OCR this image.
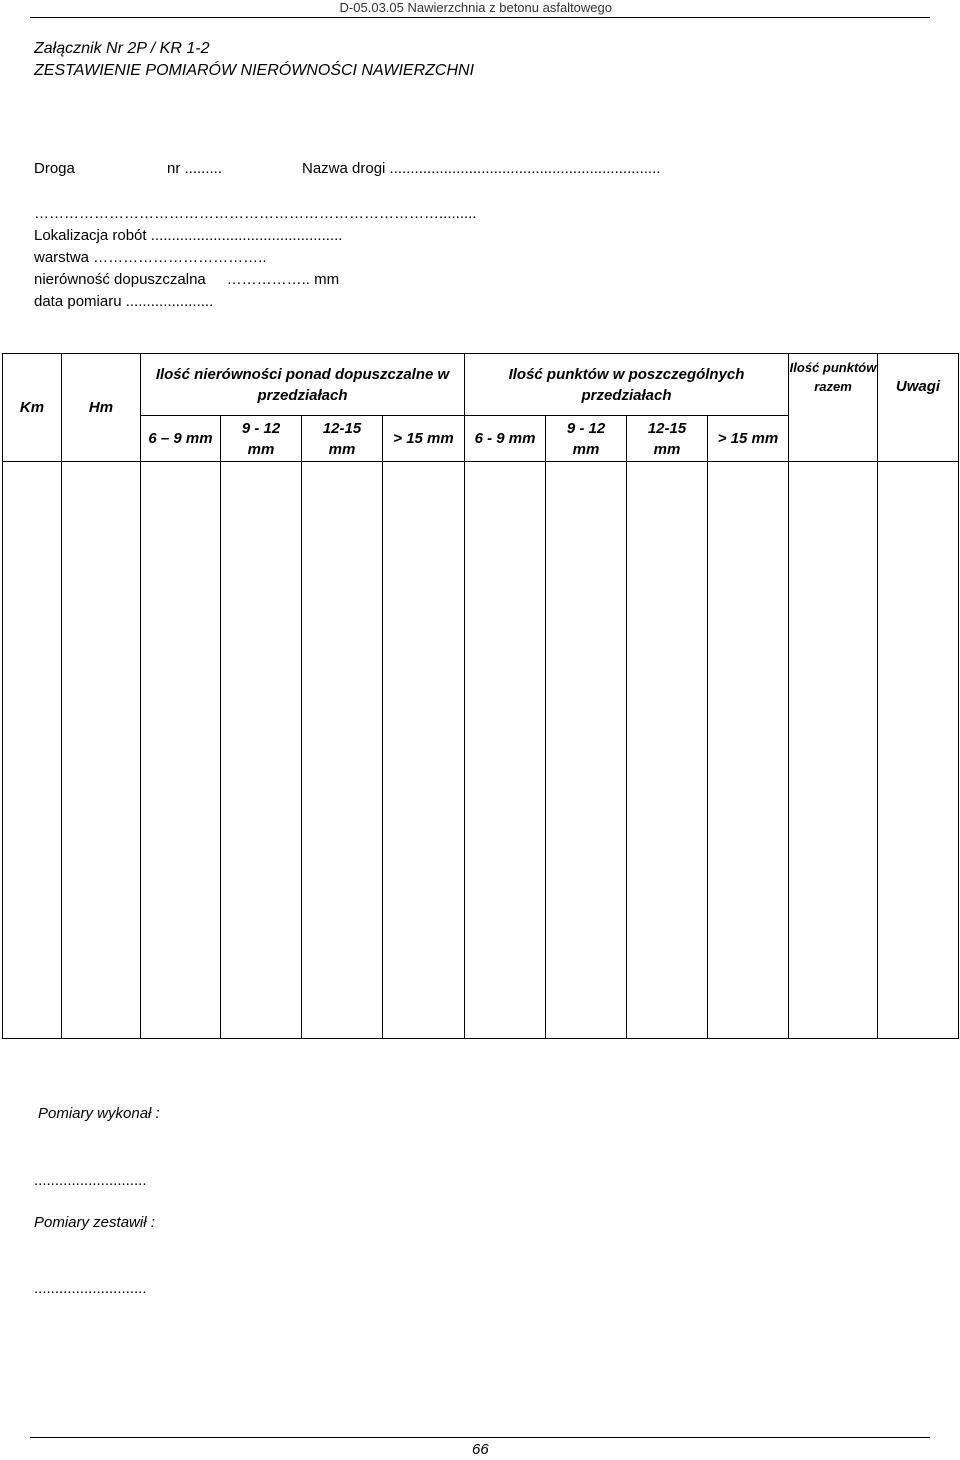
D-05.03.05 Nawierzchnia z betonu asfaltowego
Załącznik Nr 2P / KR 1-2
ZESTAWIENIE POMIARÓW NIERÓWNOŚCI NAWIERZCHNI
Droga	nr .........	Nazwa drogi .................................................................
……………………………………………………………………….........
Lokalizacja robót ..............................................
warstwa ……………………………..
nierówność dopuszczalna     …………….. mm
data pomiaru .....................
Km	Hm	Ilość nierówności ponad dopuszczalne w przedziałach				Ilość punktów w poszczególnych przedziałach				Ilość punktów razem	Uwagi
		6 – 9 mm	9 - 12 mm	12-15 mm	> 15 mm	6 - 9 mm	9 - 12 mm	12-15 mm	> 15 mm		

Pomiary wykonał :
...........................
Pomiary zestawił :
...........................
66
